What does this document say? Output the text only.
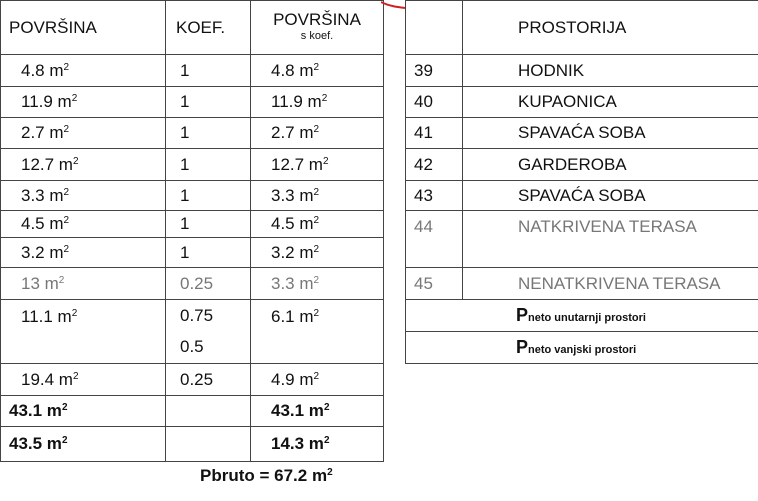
POVRŠINA	KOEF.	POVRŠINA
s koef.

4.8 $m^2$	1	4.8 $m^2$
11.9 $m^2$	1	11.9 $m^2$
2.7 $m^2$	1	2.7 $m^2$
12.7 $m^2$	1	12.7 $m^2$
3.3 $m^2$	1	3.3 $m^2$
4.5 $m^2$	1	4.5 $m^2$
3.2 $m^2$	1	3.2 $m^2$
13 $m^2$	0.25	3.3 $m^2$
11.1 $m^2$	0.75	6.1 $m^2$
	0.5	
19.4 $m^2$	0.25	4.9 $m^2$
43.1 $m^2$		43.1 $m^2$
43.5 $m^2$		14.3 $m^2$
	PROSTORIJA
39	HODNIK
40	KUPAONICA
41	SPAVAĆA SOBA
42	GARDEROBA
43	SPAVAĆA SOBA
44	NATKRIVENA TERASA
45	NENATKRIVENA TERASA
Pneto unutarnji prostori	
Pneto vanjski prostori	
Pbruto = 67.2 $m^2$
